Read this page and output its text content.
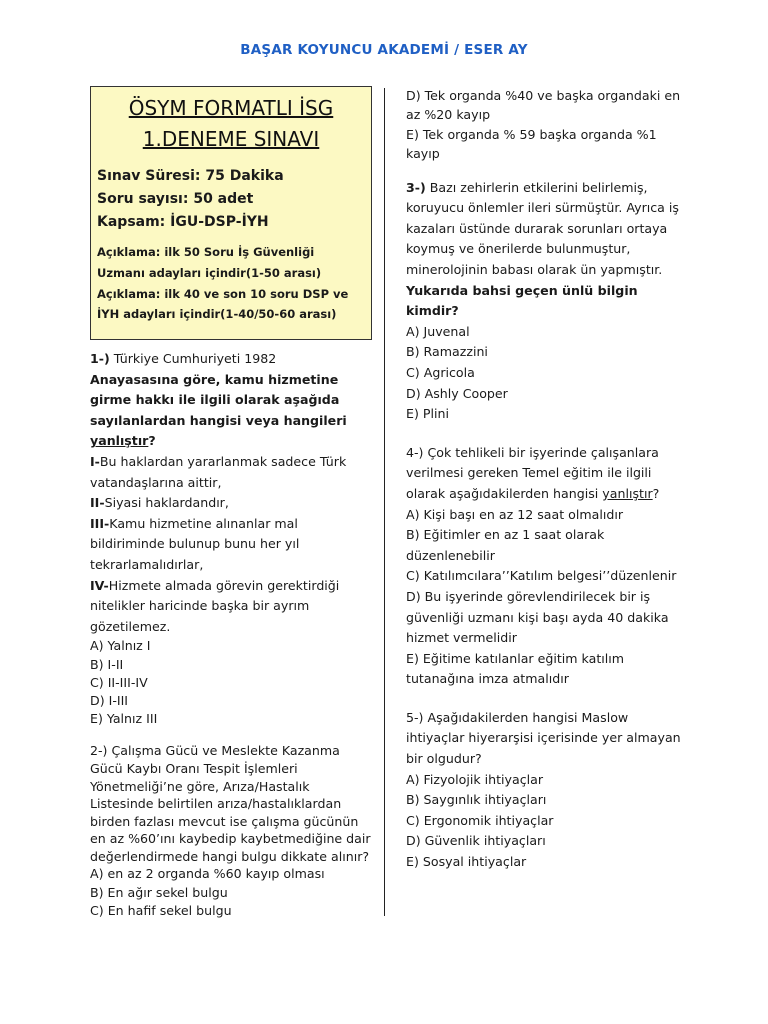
BAŞAR KOYUNCU AKADEMİ / ESER AY
ÖSYM FORMATLI İSG
1.DENEME SINAVI
Sınav Süresi: 75 Dakika
Soru sayısı: 50 adet
Kapsam: İGU-DSP-İYH
Açıklama: ilk 50 Soru İş Güvenliği Uzmanı adayları içindir(1-50 arası)
Açıklama: ilk 40 ve son 10 soru DSP ve İYH adayları içindir(1-40/50-60 arası)
1-) Türkiye Cumhuriyeti 1982
Anayasasına göre, kamu hizmetine girme hakkı ile ilgili olarak aşağıda sayılanlardan hangisi veya hangileri yanlıştır?
I-Bu haklardan yararlanmak sadece Türk vatandaşlarına aittir,
II-Siyasi haklardandır,
III-Kamu hizmetine alınanlar mal bildiriminde bulunup bunu her yıl tekrarlamalıdırlar,
IV-Hizmete almada görevin gerektirdiği nitelikler haricinde başka bir ayrım gözetilemez.
A) Yalnız I
B) I-II
C) II-III-IV
D) I-III
E) Yalnız III
2-) Çalışma Gücü ve Meslekte Kazanma Gücü Kaybı Oranı Tespit İşlemleri Yönetmeliği’ne göre, Arıza/Hastalık Listesinde belirtilen arıza/hastalıklardan birden fazlası mevcut ise çalışma gücünün en az %60’ını kaybedip kaybetmediğine dair değerlendirmede hangi bulgu dikkate alınır?
A) en az 2 organda %60 kayıp olması
B) En ağır sekel bulgu
C) En hafif sekel bulgu
D) Tek organda %40 ve başka organdaki en az %20 kayıp
E) Tek organda % 59 başka organda %1 kayıp
3-) Bazı zehirlerin etkilerini belirlemiş, koruyucu önlemler ileri sürmüştür. Ayrıca iş kazaları üstünde durarak sorunları ortaya koymuş ve önerilerde bulunmuştur, minerolojinin babası olarak ün yapmıştır.
Yukarıda bahsi geçen ünlü bilgin kimdir?
A) Juvenal
B) Ramazzini
C) Agricola
D) Ashly Cooper
E) Plini
4-) Çok tehlikeli bir işyerinde çalışanlara verilmesi gereken Temel eğitim ile ilgili olarak aşağıdakilerden hangisi yanlıştır?
A) Kişi başı en az 12 saat olmalıdır
B) Eğitimler en az 1 saat olarak düzenlenebilir
C) Katılımcılara’’Katılım belgesi’’düzenlenir
D) Bu işyerinde görevlendirilecek bir iş güvenliği uzmanı kişi başı ayda 40 dakika hizmet vermelidir
E) Eğitime katılanlar eğitim katılım tutanağına imza atmalıdır
5-) Aşağıdakilerden hangisi Maslow ihtiyaçlar hiyerarşisi içerisinde yer almayan bir olgudur?
A) Fizyolojik ihtiyaçlar
B) Saygınlık ihtiyaçları
C) Ergonomik ihtiyaçlar
D) Güvenlik ihtiyaçları
E) Sosyal ihtiyaçlar
